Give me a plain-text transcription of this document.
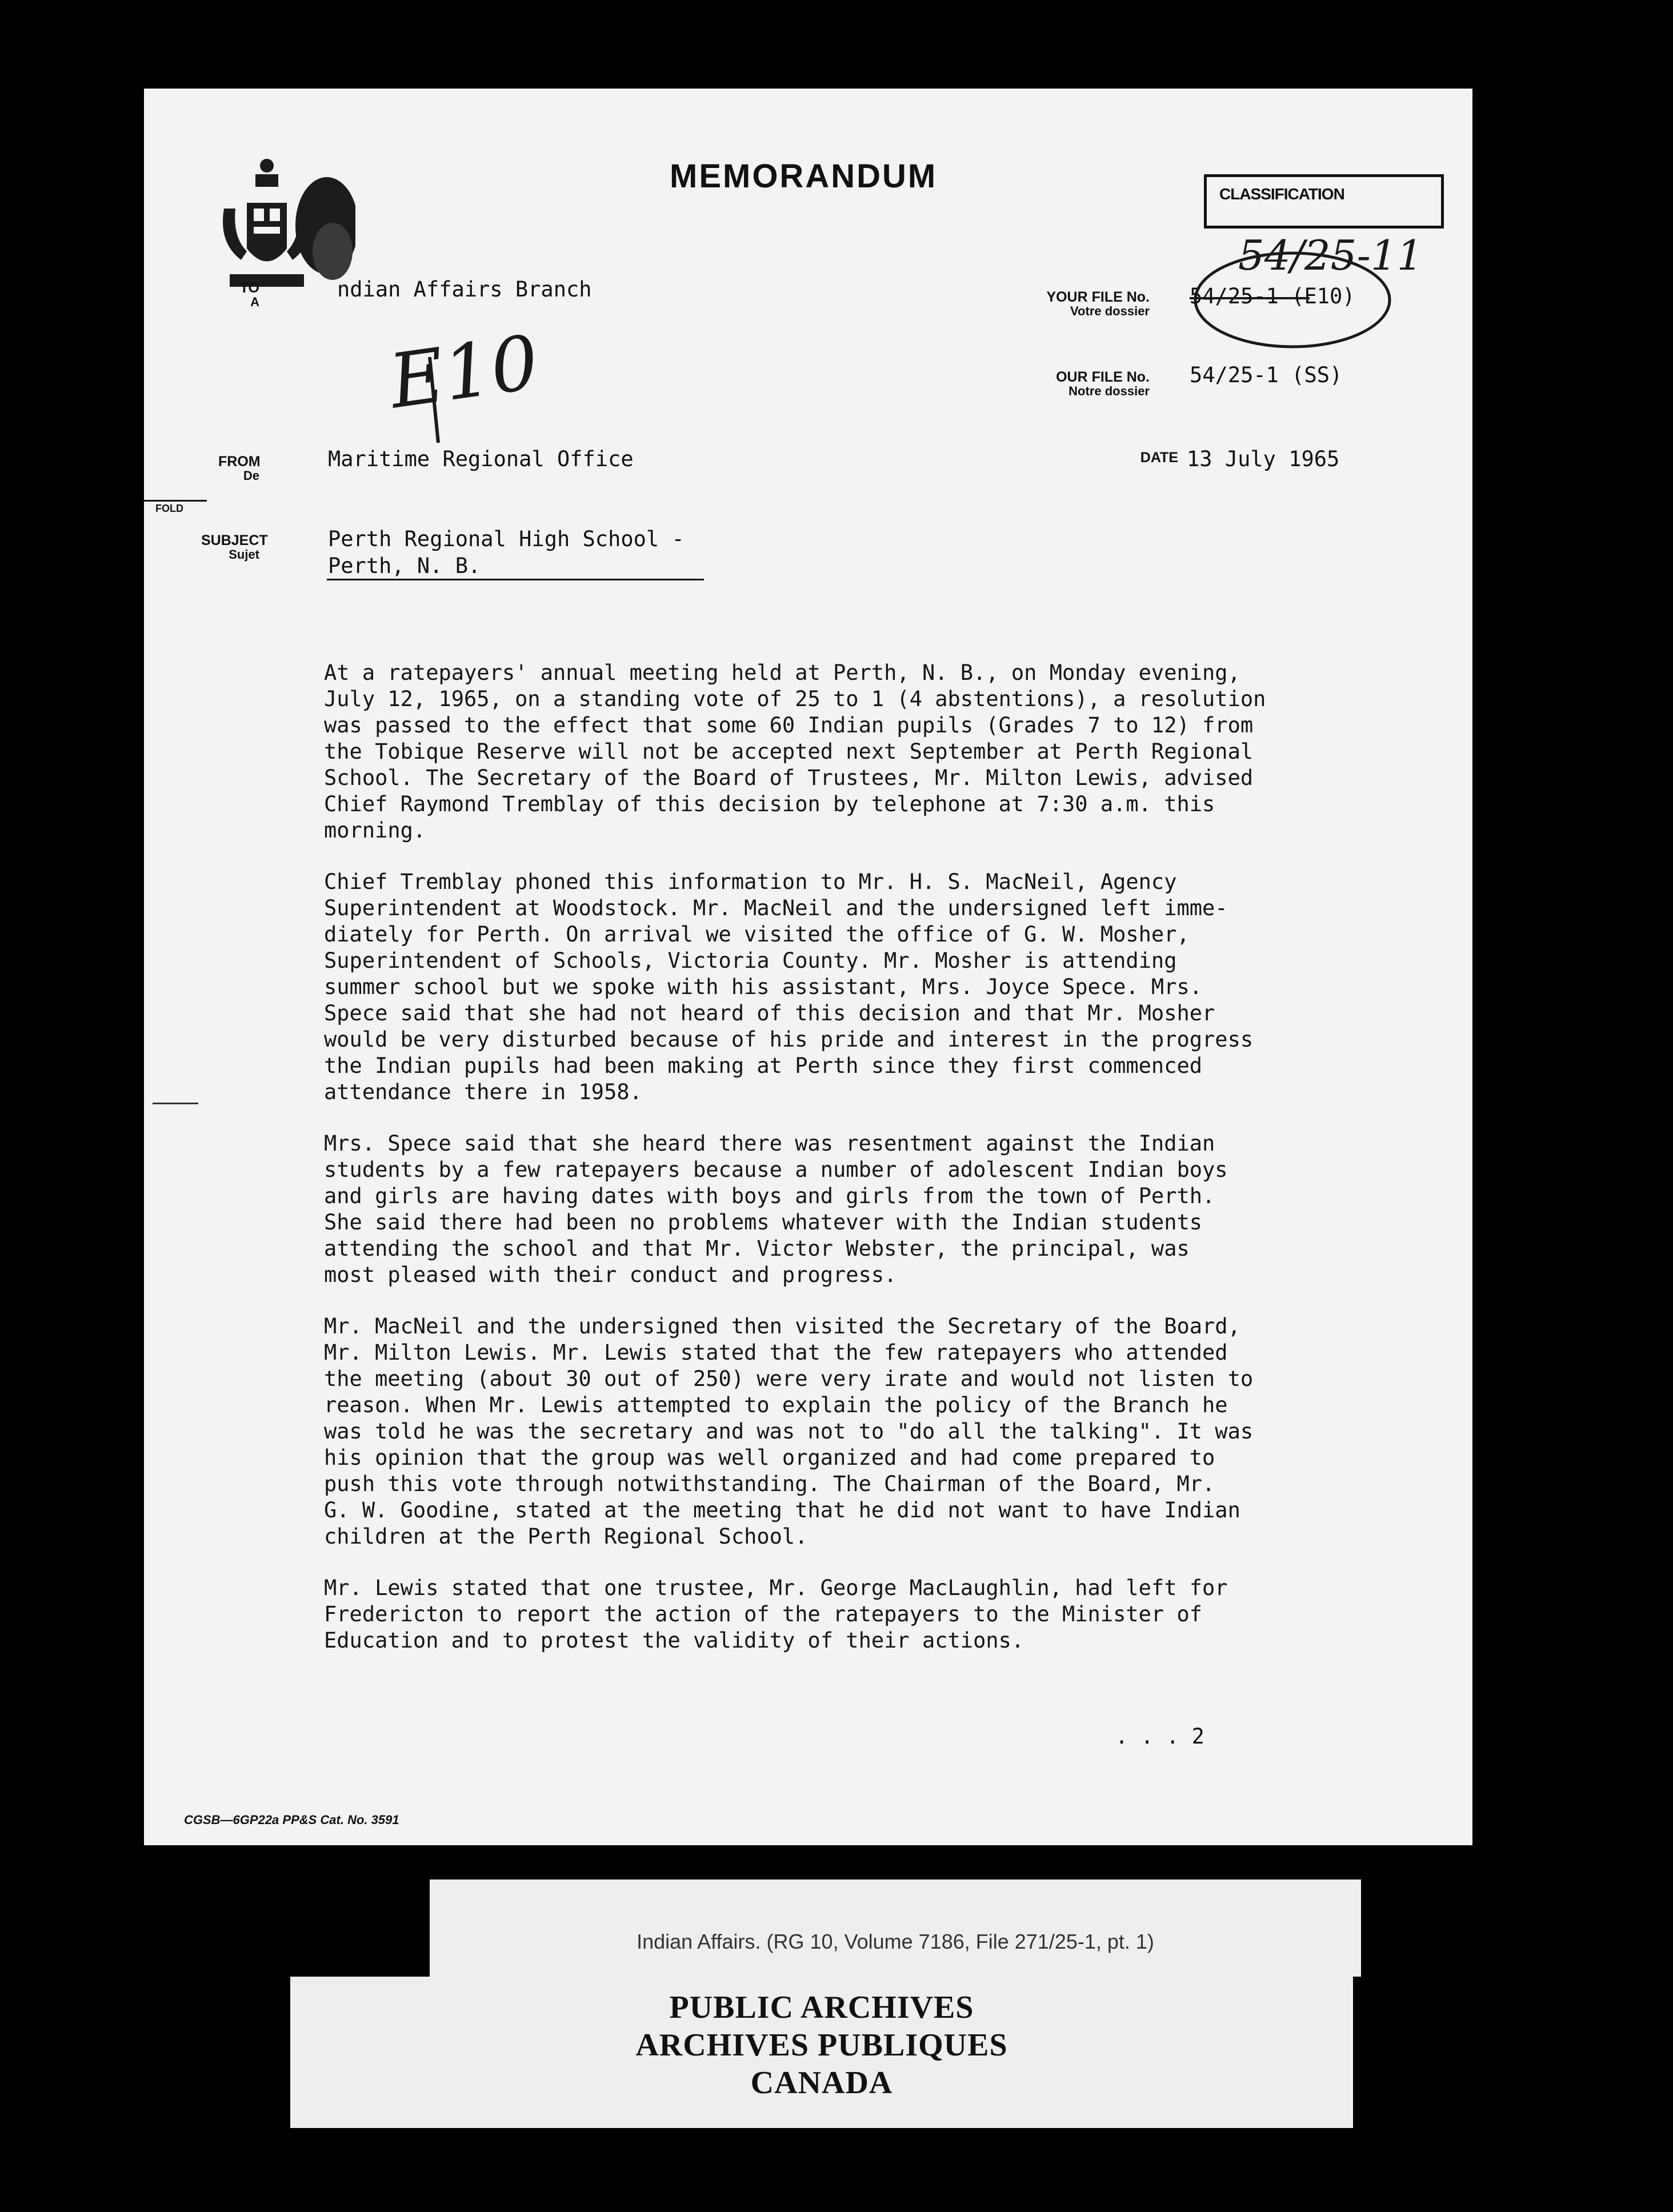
MEMORANDUM	CLASSIFICATION
54/25-11
TO
A
ndian Affairs Branch
E10
YOUR FILE No.
Votre dossier
54/25-1 (E10)
OUR FILE No.
Notre dossier
54/25-1 (SS)
FROM
De
Maritime Regional Office	DATE 13 July 1965
FOLD
SUBJECT
Sujet
Perth Regional High School -
Perth, N. B.

At a ratepayers' annual meeting held at Perth, N. B., on Monday evening,
July 12, 1965, on a standing vote of 25 to 1 (4 abstentions), a resolution
was passed to the effect that some 60 Indian pupils (Grades 7 to 12) from
the Tobique Reserve will not be accepted next September at Perth Regional
School. The Secretary of the Board of Trustees, Mr. Milton Lewis, advised
Chief Raymond Tremblay of this decision by telephone at 7:30 a.m. this
morning.

Chief Tremblay phoned this information to Mr. H. S. MacNeil, Agency
Superintendent at Woodstock. Mr. MacNeil and the undersigned left imme-
diately for Perth. On arrival we visited the office of G. W. Mosher,
Superintendent of Schools, Victoria County. Mr. Mosher is attending
summer school but we spoke with his assistant, Mrs. Joyce Spece. Mrs.
Spece said that she had not heard of this decision and that Mr. Mosher
would be very disturbed because of his pride and interest in the progress
the Indian pupils had been making at Perth since they first commenced
attendance there in 1958.

Mrs. Spece said that she heard there was resentment against the Indian
students by a few ratepayers because a number of adolescent Indian boys
and girls are having dates with boys and girls from the town of Perth.
She said there had been no problems whatever with the Indian students
attending the school and that Mr. Victor Webster, the principal, was
most pleased with their conduct and progress.

Mr. MacNeil and the undersigned then visited the Secretary of the Board,
Mr. Milton Lewis. Mr. Lewis stated that the few ratepayers who attended
the meeting (about 30 out of 250) were very irate and would not listen to
reason. When Mr. Lewis attempted to explain the policy of the Branch he
was told he was the secretary and was not to "do all the talking". It was
his opinion that the group was well organized and had come prepared to
push this vote through notwithstanding. The Chairman of the Board, Mr.
G. W. Goodine, stated at the meeting that he did not want to have Indian
children at the Perth Regional School.

Mr. Lewis stated that one trustee, Mr. George MacLaughlin, had left for
Fredericton to report the action of the ratepayers to the Minister of
Education and to protest the validity of their actions.

. . . 2
CGSB—6GP22a PP&S Cat. No. 3591
Indian Affairs. (RG 10, Volume 7186, File 271/25-1, pt. 1)
PUBLIC ARCHIVES
ARCHIVES PUBLIQUES
CANADA
